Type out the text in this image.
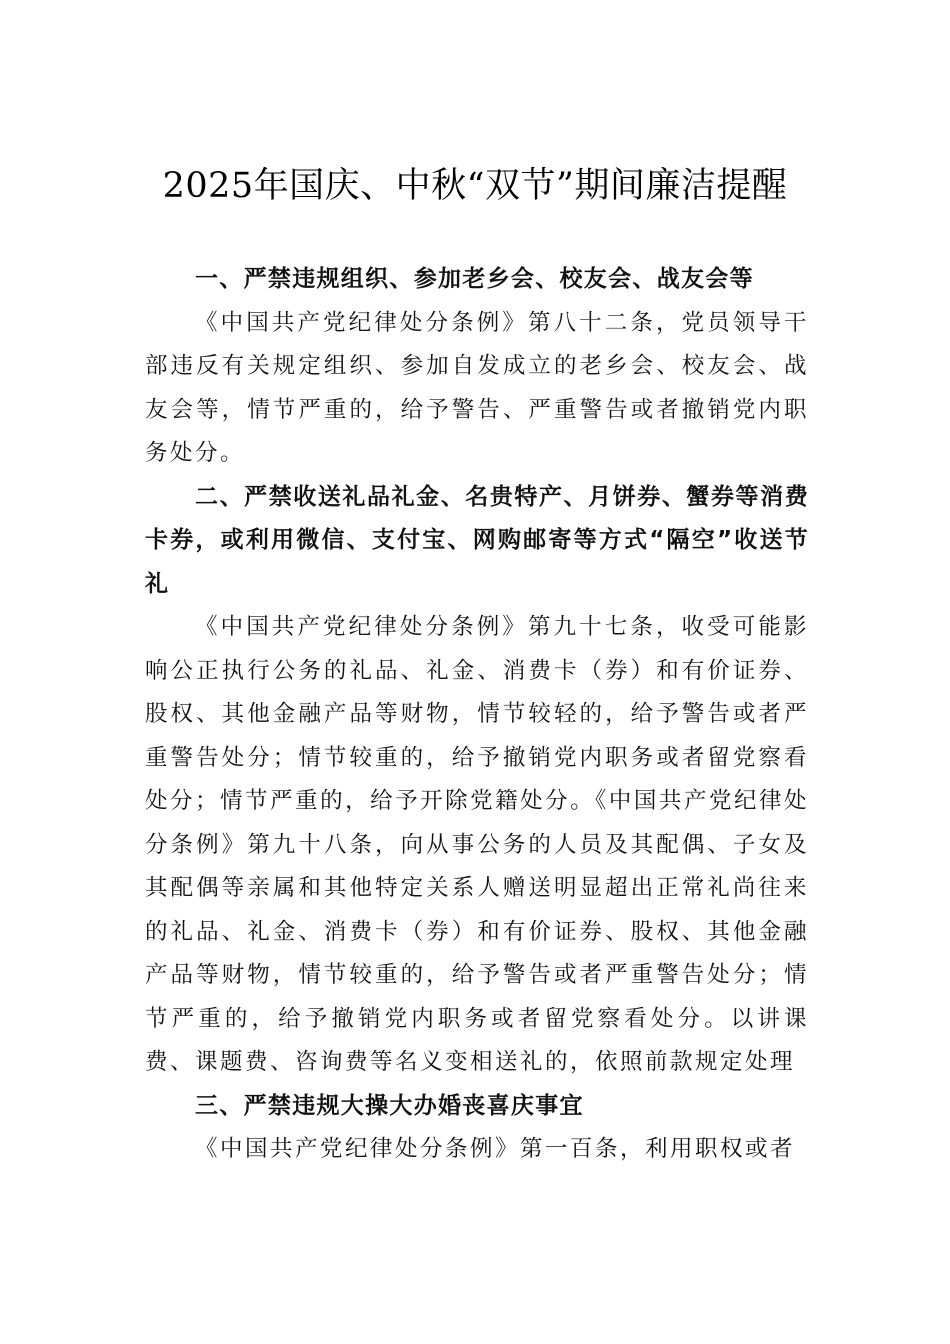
2025年国庆、中秋“双节”期间廉洁提醒

一、严禁违规组织、参加老乡会、校友会、战友会等

《中国共产党纪律处分条例》第八十二条，党员领导干部违反有关规定组织、参加自发成立的老乡会、校友会、战友会等，情节严重的，给予警告、严重警告或者撤销党内职务处分。

二、严禁收送礼品礼金、名贵特产、月饼券、蟹券等消费卡券，或利用微信、支付宝、网购邮寄等方式“隔空”收送节礼

《中国共产党纪律处分条例》第九十七条，收受可能影响公正执行公务的礼品、礼金、消费卡（券）和有价证券、股权、其他金融产品等财物，情节较轻的，给予警告或者严重警告处分；情节较重的，给予撤销党内职务或者留党察看处分；情节严重的，给予开除党籍处分。《中国共产党纪律处分条例》第九十八条，向从事公务的人员及其配偶、子女及其配偶等亲属和其他特定关系人赠送明显超出正常礼尚往来的礼品、礼金、消费卡（券）和有价证券、股权、其他金融产品等财物，情节较重的，给予警告或者严重警告处分；情节严重的，给予撤销党内职务或者留党察看处分。以讲课费、课题费、咨询费等名义变相送礼的，依照前款规定处理

三、严禁违规大操大办婚丧喜庆事宜

《中国共产党纪律处分条例》第一百条，利用职权或者
